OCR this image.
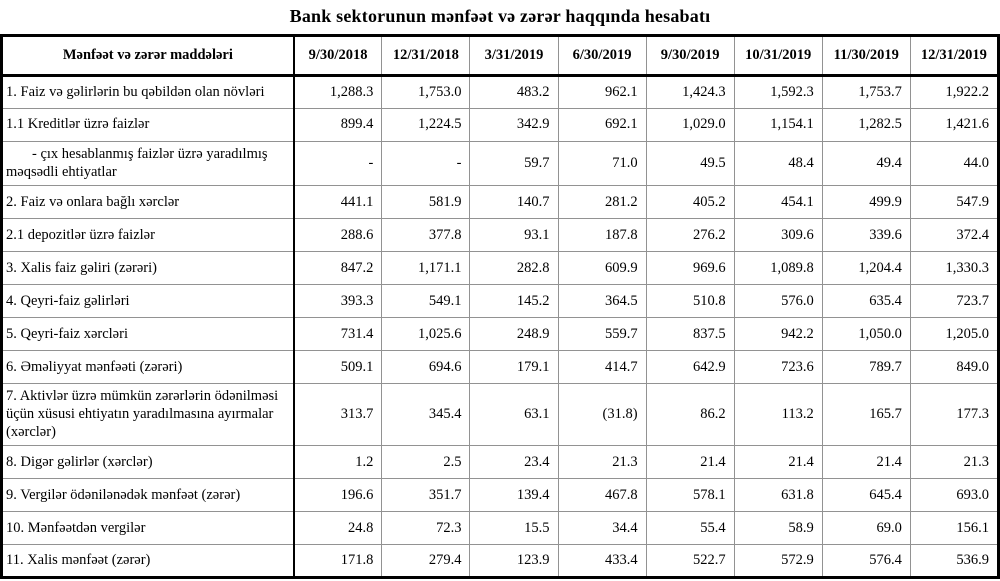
Bank sektorunun mənfəət və zərər haqqında hesabatı
Mənfəət və zərər maddələri	9/30/2018	12/31/2018	3/31/2019	6/30/2019	9/30/2019	10/31/2019	11/30/2019	12/31/2019
1. Faiz və gəlirlərin bu qəbildən olan növləri	1,288.3	1,753.0	483.2	962.1	1,424.3	1,592.3	1,753.7	1,922.2
1.1 Kreditlər üzrə faizlər	899.4	1,224.5	342.9	692.1	1,029.0	1,154.1	1,282.5	1,421.6
- çıx hesablanmış faizlər üzrə yaradılmış məqsədli ehtiyatlar	-	-	59.7	71.0	49.5	48.4	49.4	44.0
2. Faiz və onlara bağlı xərclər	441.1	581.9	140.7	281.2	405.2	454.1	499.9	547.9
2.1 depozitlər üzrə faizlər	288.6	377.8	93.1	187.8	276.2	309.6	339.6	372.4
3. Xalis faiz gəliri (zərəri)	847.2	1,171.1	282.8	609.9	969.6	1,089.8	1,204.4	1,330.3
4. Qeyri-faiz gəlirləri	393.3	549.1	145.2	364.5	510.8	576.0	635.4	723.7
5. Qeyri-faiz xərcləri	731.4	1,025.6	248.9	559.7	837.5	942.2	1,050.0	1,205.0
6. Əməliyyat mənfəəti (zərəri)	509.1	694.6	179.1	414.7	642.9	723.6	789.7	849.0
7. Aktivlər üzrə mümkün zərərlərin ödənilməsi üçün xüsusi ehtiyatın yaradılmasına ayırmalar (xərclər)	313.7	345.4	63.1	(31.8)	86.2	113.2	165.7	177.3
8. Digər gəlirlər (xərclər)	1.2	2.5	23.4	21.3	21.4	21.4	21.4	21.3
9. Vergilər ödənilənədək mənfəət (zərər)	196.6	351.7	139.4	467.8	578.1	631.8	645.4	693.0
10. Mənfəətdən vergilər	24.8	72.3	15.5	34.4	55.4	58.9	69.0	156.1
11. Xalis mənfəət (zərər)	171.8	279.4	123.9	433.4	522.7	572.9	576.4	536.9
